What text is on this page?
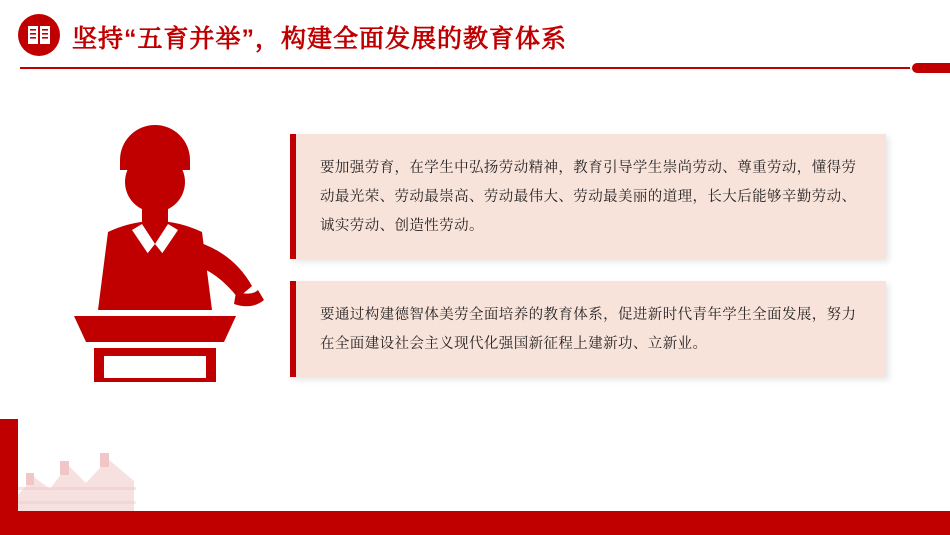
坚持“五育并举”，构建全面发展的教育体系

要加强劳育，在学生中弘扬劳动精神，教育引导学生崇尚劳动、尊重劳动，懂得劳动最光荣、劳动最崇高、劳动最伟大、劳动最美丽的道理，长大后能够辛勤劳动、诚实劳动、创造性劳动。

要通过构建德智体美劳全面培养的教育体系，促进新时代青年学生全面发展，努力在全面建设社会主义现代化强国新征程上建新功、立新业。
